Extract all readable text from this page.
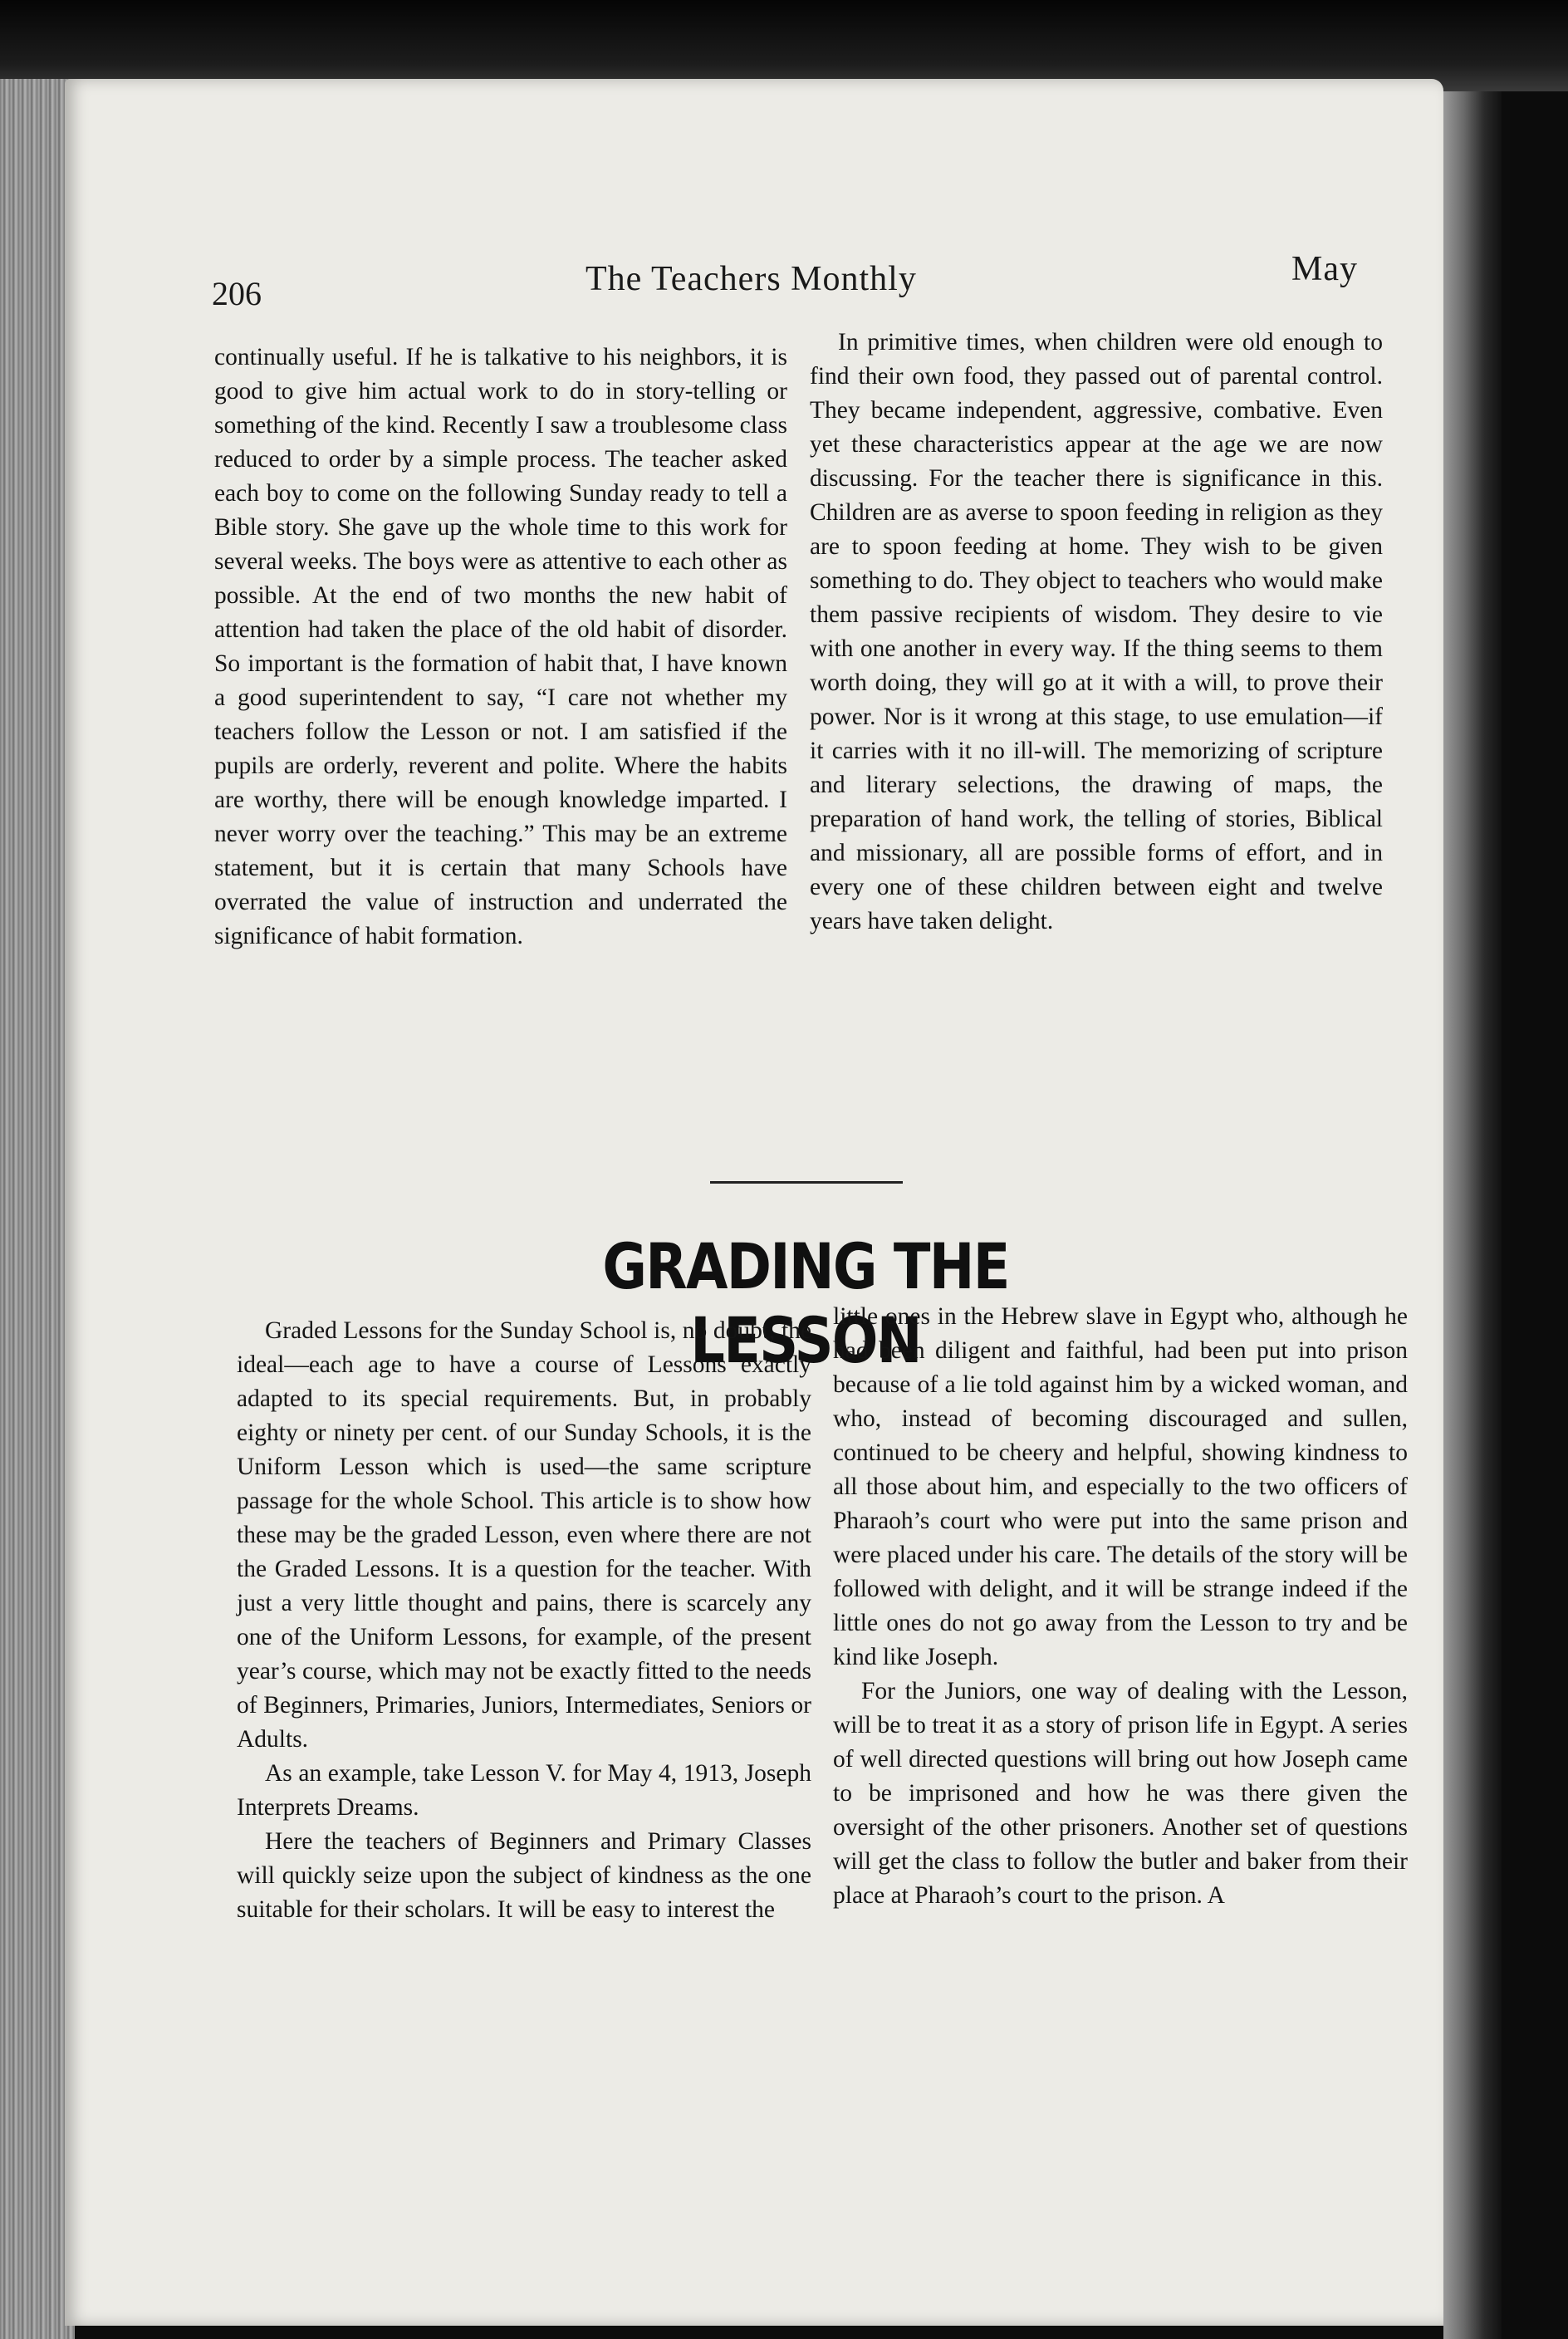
206	The Teachers Monthly	May

continually useful. If he is talkative to his neighbors, it is good to give him actual work to do in story-telling or something of the kind. Recently I saw a troublesome class reduced to order by a simple process. The teacher asked each boy to come on the following Sunday ready to tell a Bible story. She gave up the whole time to this work for several weeks. The boys were as attentive to each other as possible. At the end of two months the new habit of attention had taken the place of the old habit of disorder. So important is the formation of habit that, I have known a good superintendent to say, “I care not whether my teachers follow the Lesson or not. I am satisfied if the pupils are orderly, reverent and polite. Where the habits are worthy, there will be enough knowledge imparted. I never worry over the teaching.” This may be an extreme statement, but it is certain that many Schools have overrated the value of instruction and underrated the significance of habit formation.

In primitive times, when children were old enough to find their own food, they passed out of parental control. They became independent, aggressive, combative. Even yet these characteristics appear at the age we are now discussing. For the teacher there is significance in this. Children are as averse to spoon feeding in religion as they are to spoon feeding at home. They wish to be given something to do. They object to teachers who would make them passive recipients of wisdom. They desire to vie with one another in every way. If the thing seems to them worth doing, they will go at it with a will, to prove their power. Nor is it wrong at this stage, to use emulation—if it carries with it no ill-will. The memorizing of scripture and literary selections, the drawing of maps, the preparation of hand work, the telling of stories, Biblical and missionary, all are possible forms of effort, and in every one of these children between eight and twelve years have taken delight.

GRADING THE LESSON

Graded Lessons for the Sunday School is, no doubt, the ideal—each age to have a course of Lessons exactly adapted to its special requirements. But, in probably eighty or ninety per cent. of our Sunday Schools, it is the Uniform Lesson which is used—the same scripture passage for the whole School. This article is to show how these may be the graded Lesson, even where there are not the Graded Lessons. It is a question for the teacher. With just a very little thought and pains, there is scarcely any one of the Uniform Lessons, for example, of the present year’s course, which may not be exactly fitted to the needs of Beginners, Primaries, Juniors, Intermediates, Seniors or Adults.

As an example, take Lesson V. for May 4, 1913, Joseph Interprets Dreams.

Here the teachers of Beginners and Primary Classes will quickly seize upon the subject of kindness as the one suitable for their scholars. It will be easy to interest the

little ones in the Hebrew slave in Egypt who, although he had been diligent and faithful, had been put into prison because of a lie told against him by a wicked woman, and who, instead of becoming discouraged and sullen, continued to be cheery and helpful, showing kindness to all those about him, and especially to the two officers of Pharaoh’s court who were put into the same prison and were placed under his care. The details of the story will be followed with delight, and it will be strange indeed if the little ones do not go away from the Lesson to try and be kind like Joseph.

For the Juniors, one way of dealing with the Lesson, will be to treat it as a story of prison life in Egypt. A series of well directed questions will bring out how Joseph came to be imprisoned and how he was there given the oversight of the other prisoners. Another set of questions will get the class to follow the butler and baker from their place at Pharaoh’s court to the prison. A
